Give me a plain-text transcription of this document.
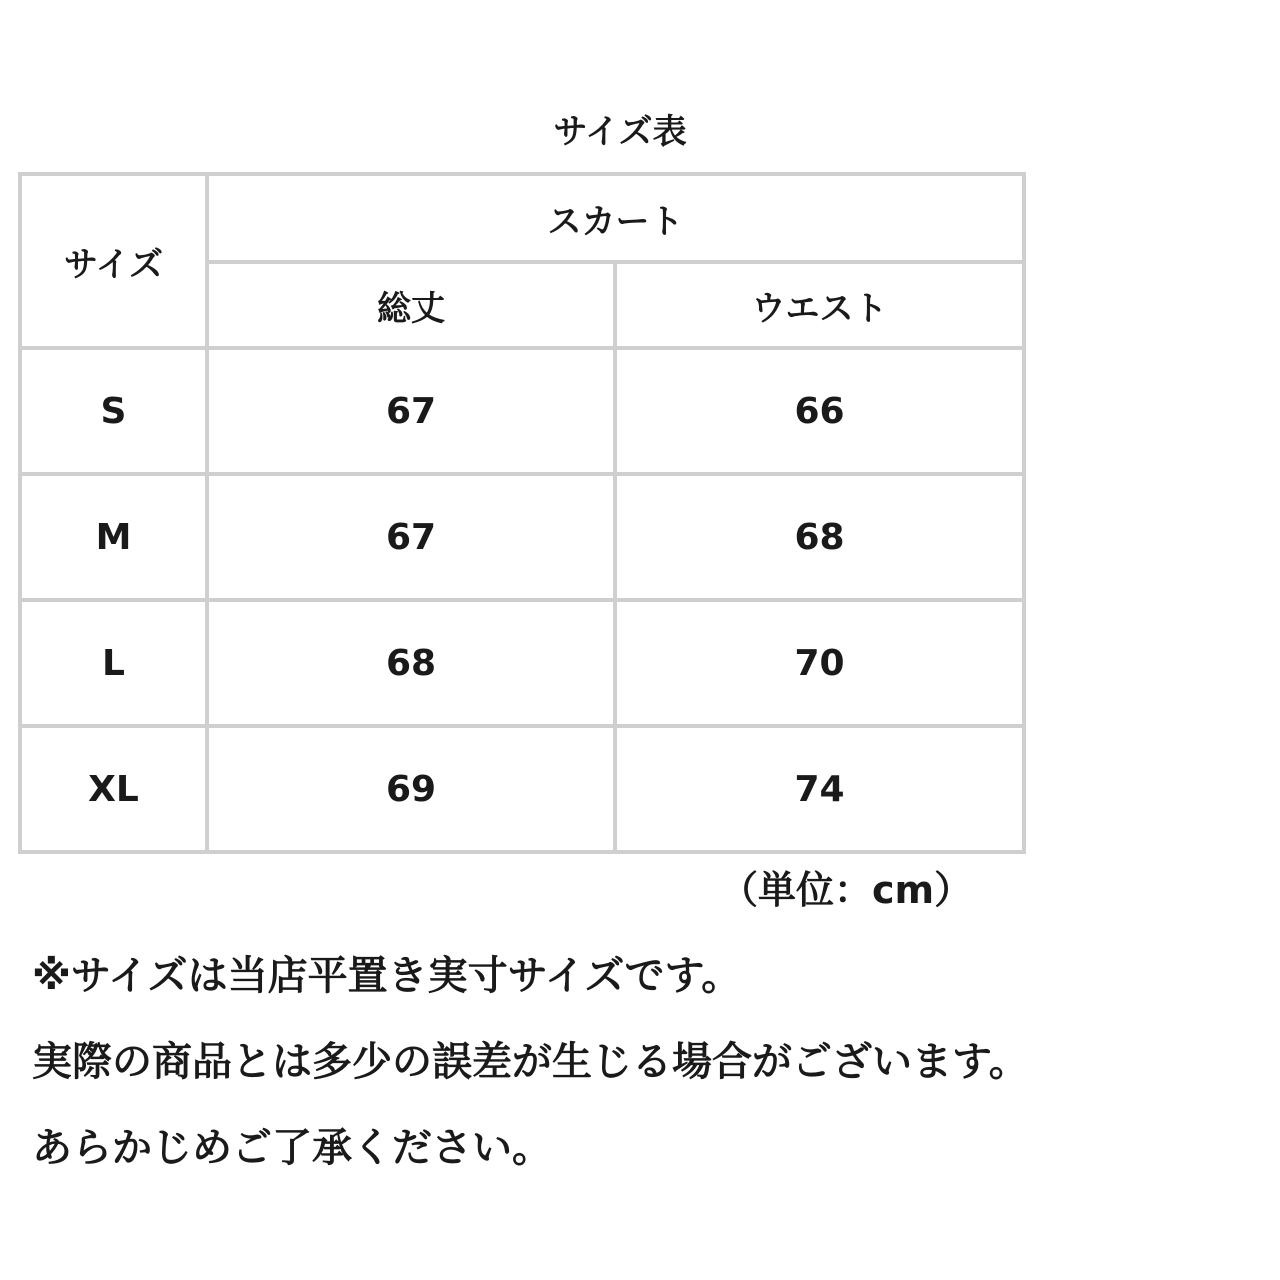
サイズ表
サイズ	スカート	
	総丈	ウエスト
S	67	66
M	67	68
L	68	70
XL	69	74
（単位：cm）
※サイズは当店平置き実寸サイズです。
実際の商品とは多少の誤差が生じる場合がございます。
あらかじめご了承ください。
